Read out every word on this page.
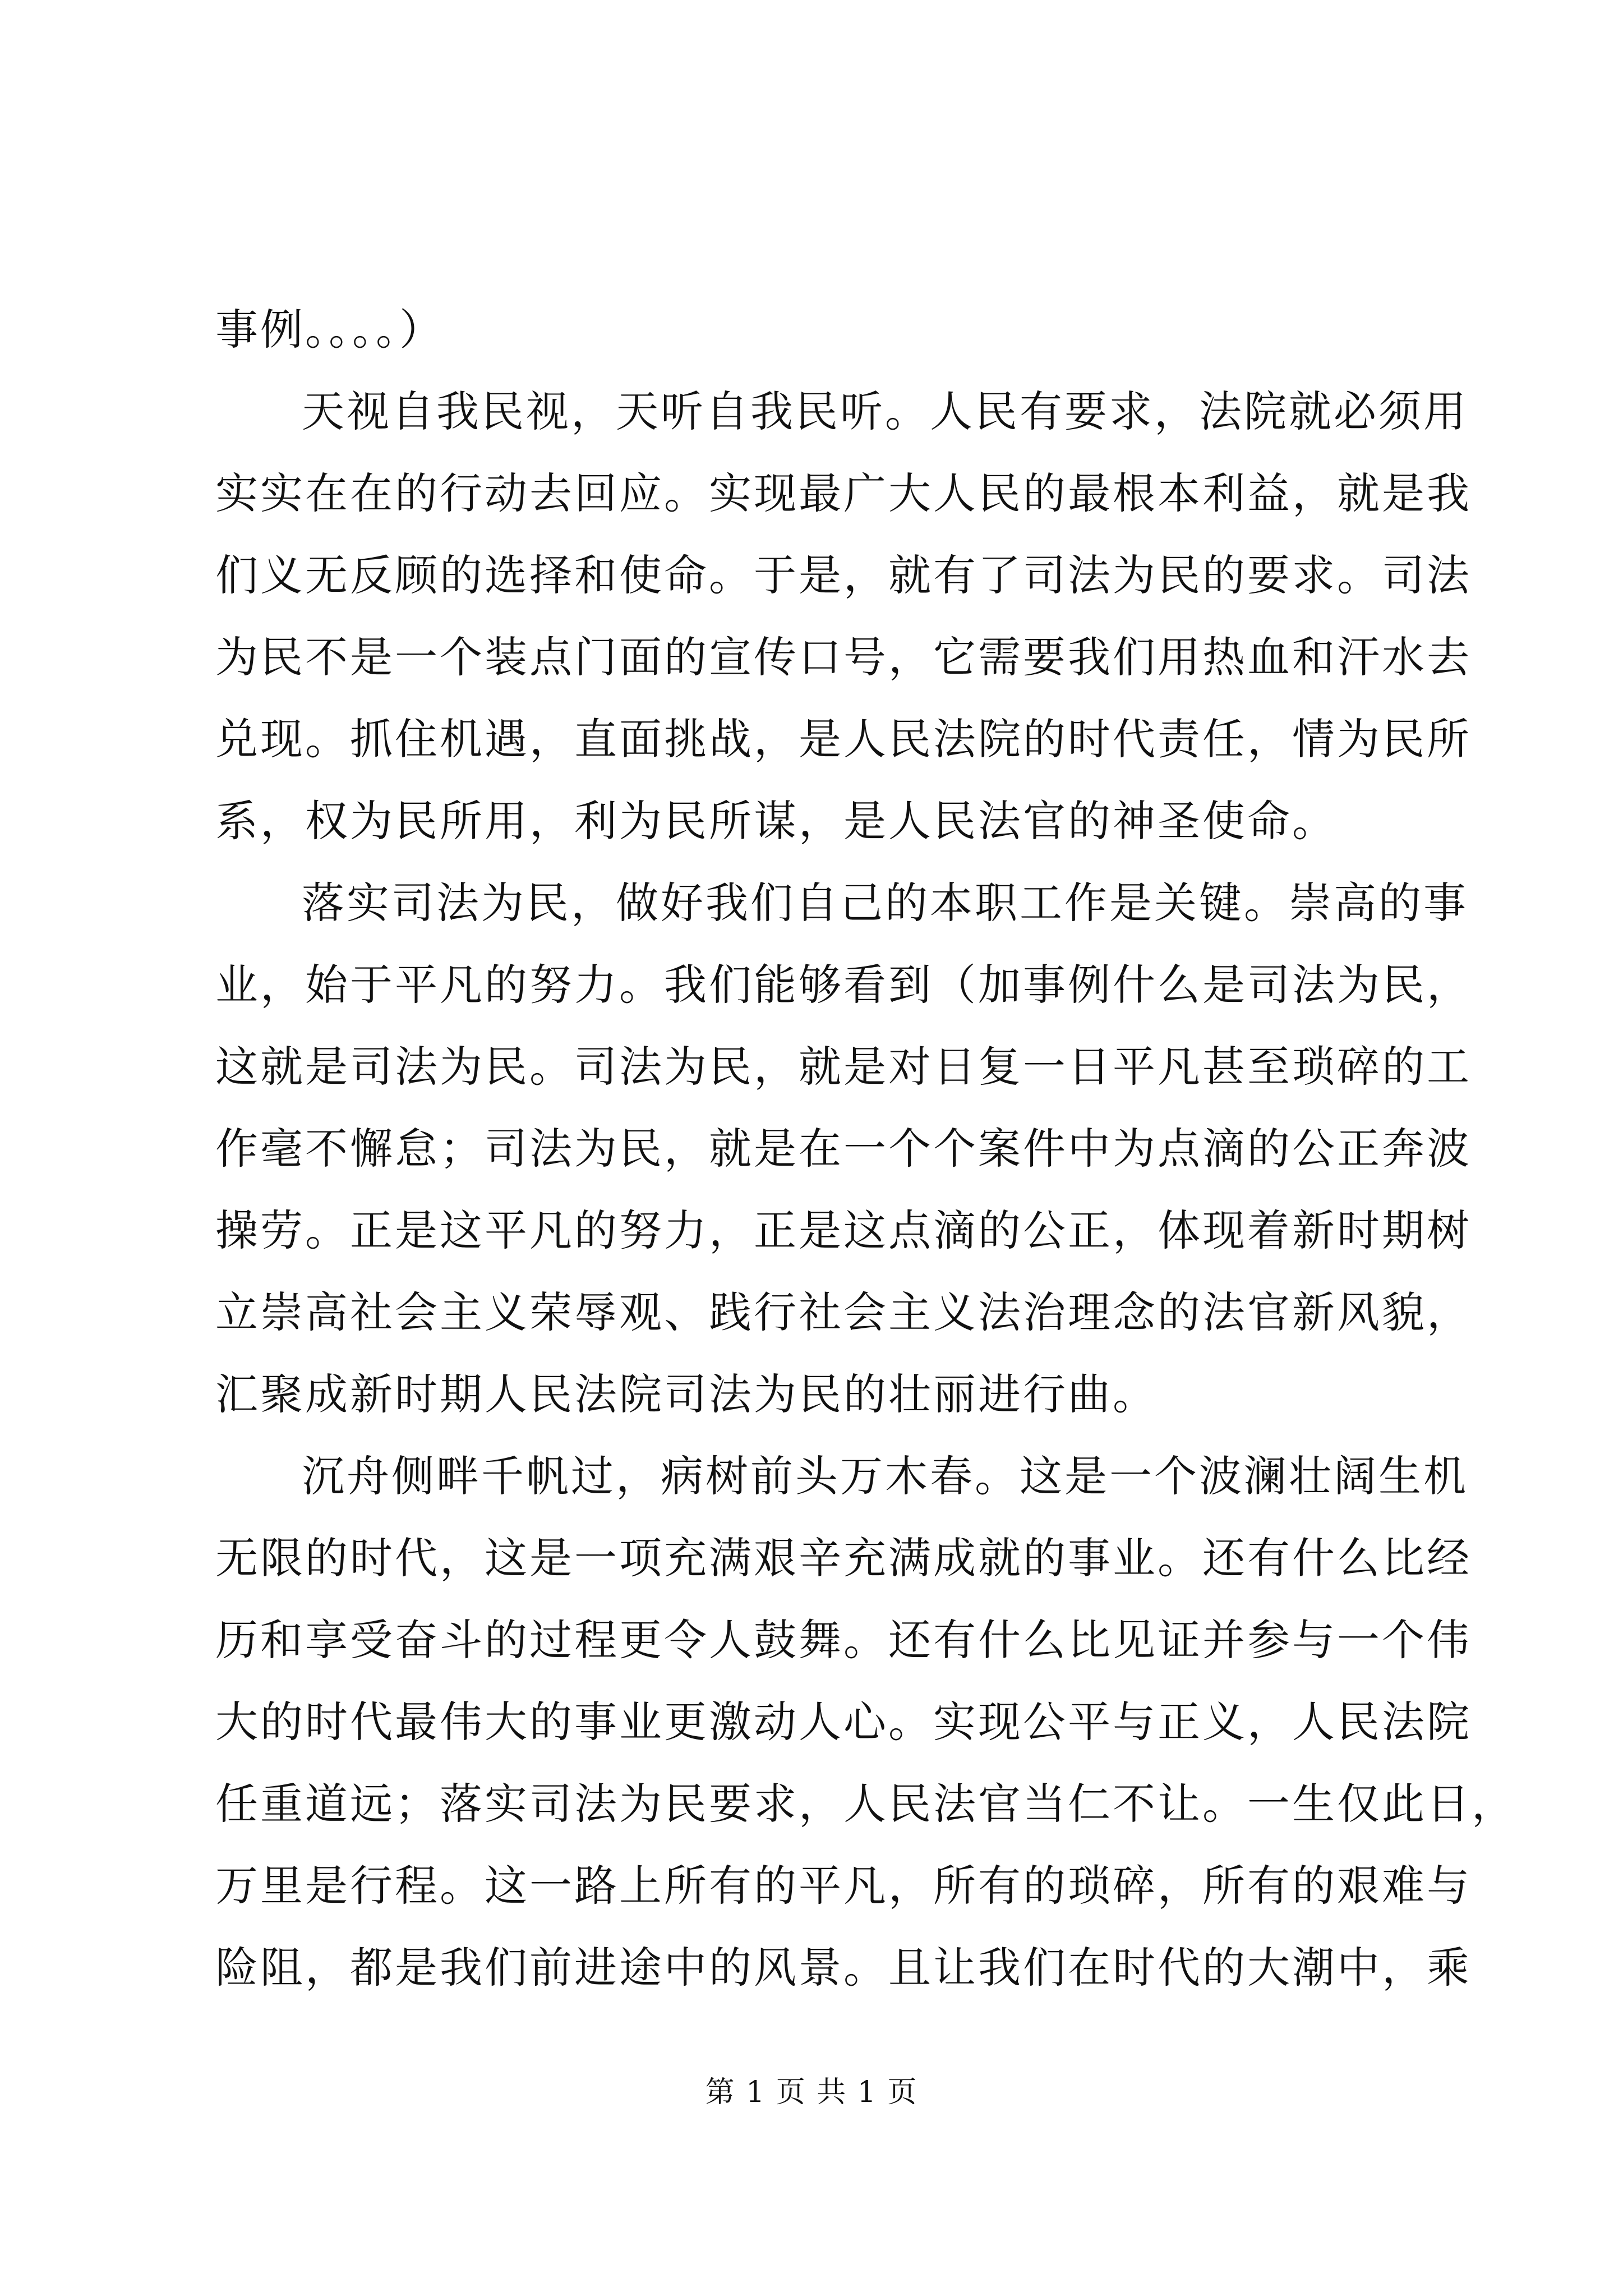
事例。。。。）
天视自我民视，天听自我民听。人民有要求，法院就必须用
实实在在的行动去回应。实现最广大人民的最根本利益，就是我
们义无反顾的选择和使命。于是，就有了司法为民的要求。司法
为民不是一个装点门面的宣传口号，它需要我们用热血和汗水去
兑现。抓住机遇，直面挑战，是人民法院的时代责任，情为民所
系，权为民所用，利为民所谋，是人民法官的神圣使命。
落实司法为民，做好我们自己的本职工作是关键。崇高的事
业，始于平凡的努力。我们能够看到（加事例什么是司法为民，
这就是司法为民。司法为民，就是对日复一日平凡甚至琐碎的工
作毫不懈怠；司法为民，就是在一个个案件中为点滴的公正奔波
操劳。正是这平凡的努力，正是这点滴的公正，体现着新时期树
立崇高社会主义荣辱观、践行社会主义法治理念的法官新风貌，
汇聚成新时期人民法院司法为民的壮丽进行曲。
沉舟侧畔千帆过，病树前头万木春。这是一个波澜壮阔生机
无限的时代，这是一项充满艰辛充满成就的事业。还有什么比经
历和享受奋斗的过程更令人鼓舞。还有什么比见证并参与一个伟
大的时代最伟大的事业更激动人心。实现公平与正义，人民法院
任重道远；落实司法为民要求，人民法官当仁不让。一生仅此日，
万里是行程。这一路上所有的平凡，所有的琐碎，所有的艰难与
险阻，都是我们前进途中的风景。且让我们在时代的大潮中，乘
第 1 页 共 1 页
